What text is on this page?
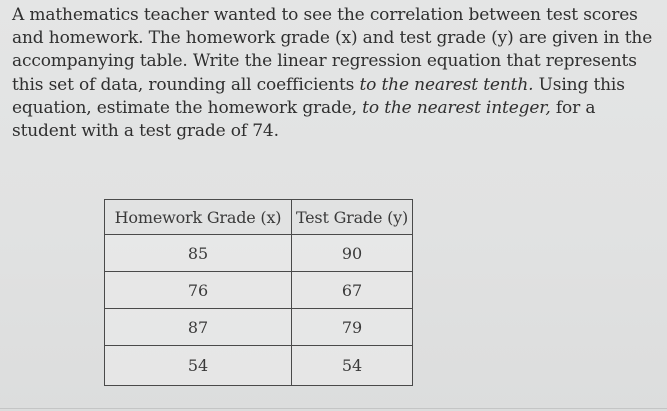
A mathematics teacher wanted to see the correlation between test scores and homework. The homework grade (x) and test grade (y) are given in the accompanying table. Write the linear regression equation that represents this set of data, rounding all coefficients to the nearest tenth. Using this equation, estimate the homework grade, to the nearest integer, for a student with a test grade of 74.

Homework Grade (x)	Test Grade (y)
85	90
76	67
87	79
54	54
